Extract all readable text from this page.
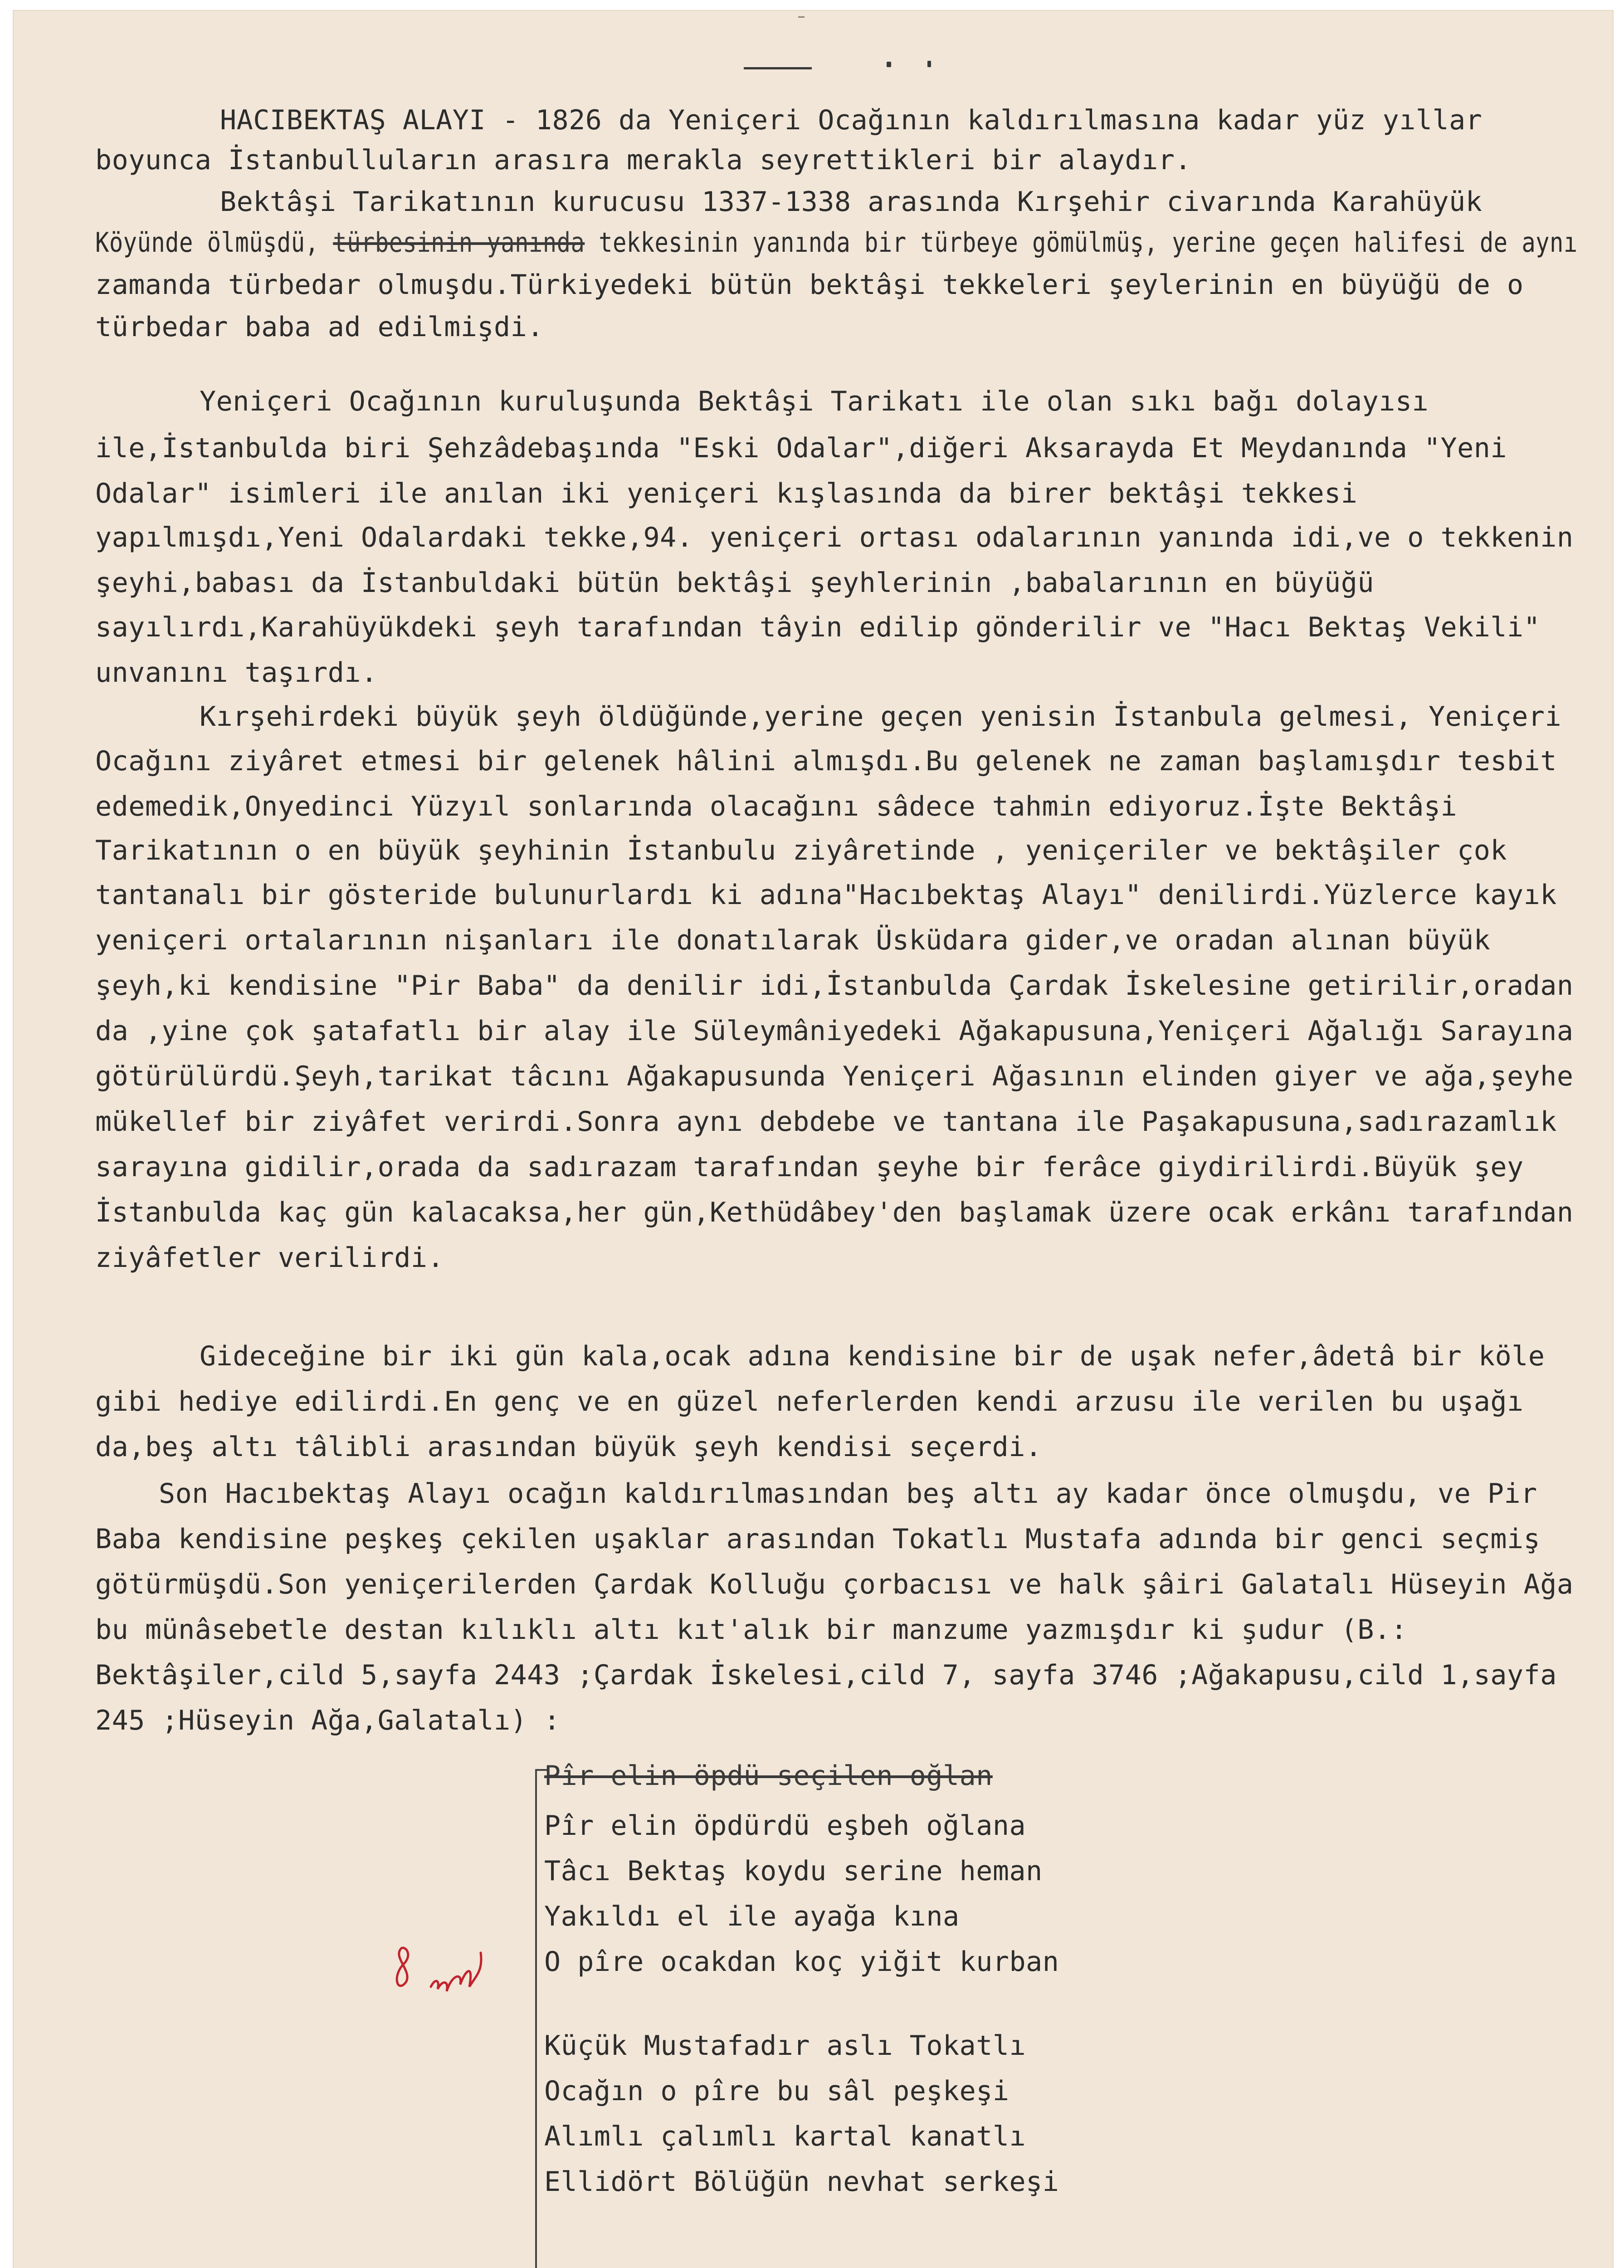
HACIBEKTAŞ ALAYI - 1826 da Yeniçeri Ocağının kaldırılmasına kadar yüz yıllar

boyunca İstanbulluların arasıra merakla seyrettikleri bir alaydır.

Bektâşi Tarikatının kurucusu 1337-1338 arasında Kırşehir civarında Karahüyük

Köyünde ölmüşdü, türbesinin yanında tekkesinin yanında bir türbeye gömülmüş, yerine geçen halifesi de aynı

zamanda türbedar olmuşdu.Türkiyedeki bütün bektâşi tekkeleri şeylerinin en büyüğü de o

türbedar baba ad edilmişdi.

Yeniçeri Ocağının kuruluşunda Bektâşi Tarikatı ile olan sıkı bağı dolayısı

ile,İstanbulda biri Şehzâdebaşında "Eski Odalar",diğeri Aksarayda Et Meydanında "Yeni

Odalar" isimleri ile anılan iki yeniçeri kışlasında da birer bektâşi tekkesi

yapılmışdı,Yeni Odalardaki tekke,94. yeniçeri ortası odalarının yanında idi,ve o tekkenin

şeyhi,babası da İstanbuldaki bütün bektâşi şeyhlerinin ,babalarının en büyüğü

sayılırdı,Karahüyükdeki şeyh tarafından tâyin edilip gönderilir ve "Hacı Bektaş Vekili"

unvanını taşırdı.

Kırşehirdeki büyük şeyh öldüğünde,yerine geçen yenisin İstanbula gelmesi, Yeniçeri

Ocağını ziyâret etmesi bir gelenek hâlini almışdı.Bu gelenek ne zaman başlamışdır tesbit

edemedik,Onyedinci Yüzyıl sonlarında olacağını sâdece tahmin ediyoruz.İşte Bektâşi

Tarikatının o en büyük şeyhinin İstanbulu ziyâretinde , yeniçeriler ve bektâşiler çok

tantanalı bir gösteride bulunurlardı ki adına"Hacıbektaş Alayı" denilirdi.Yüzlerce kayık

yeniçeri ortalarının nişanları ile donatılarak Üsküdara gider,ve oradan alınan büyük

şeyh,ki kendisine "Pir Baba" da denilir idi,İstanbulda Çardak İskelesine getirilir,oradan

da ,yine çok şatafatlı bir alay ile Süleymâniyedeki Ağakapusuna,Yeniçeri Ağalığı Sarayına

götürülürdü.Şeyh,tarikat tâcını Ağakapusunda Yeniçeri Ağasının elinden giyer ve ağa,şeyhe

mükellef bir ziyâfet verirdi.Sonra aynı debdebe ve tantana ile Paşakapusuna,sadırazamlık

sarayına gidilir,orada da sadırazam tarafından şeyhe bir ferâce giydirilirdi.Büyük şey

İstanbulda kaç gün kalacaksa,her gün,Kethüdâbey'den başlamak üzere ocak erkânı tarafından

ziyâfetler verilirdi.

Gideceğine bir iki gün kala,ocak adına kendisine bir de uşak nefer,âdetâ bir köle

gibi hediye edilirdi.En genç ve en güzel neferlerden kendi arzusu ile verilen bu uşağı

da,beş altı tâlibli arasından büyük şeyh kendisi seçerdi.

Son Hacıbektaş Alayı ocağın kaldırılmasından beş altı ay kadar önce olmuşdu, ve Pir

Baba kendisine peşkeş çekilen uşaklar arasından Tokatlı Mustafa adında bir genci seçmiş

götürmüşdü.Son yeniçerilerden Çardak Kolluğu çorbacısı ve halk şâiri Galatalı Hüseyin Ağa

bu münâsebetle destan kılıklı altı kıt'alık bir manzume yazmışdır ki şudur (B.:

Bektâşiler,cild 5,sayfa 2443 ;Çardak İskelesi,cild 7, sayfa 3746 ;Ağakapusu,cild 1,sayfa

245 ;Hüseyin Ağa,Galatalı) :

Pîr elin öpdü seçilen oğlan

Pîr elin öpdürdü eşbeh oğlana

Tâcı Bektaş koydu serine heman

Yakıldı el ile ayağa kına

O pîre ocakdan koç yiğit kurban

Küçük Mustafadır aslı Tokatlı

Ocağın o pîre bu sâl peşkeşi

Alımlı çalımlı kartal kanatlı

Ellidört Bölüğün nevhat serkeşi

8	nefah
